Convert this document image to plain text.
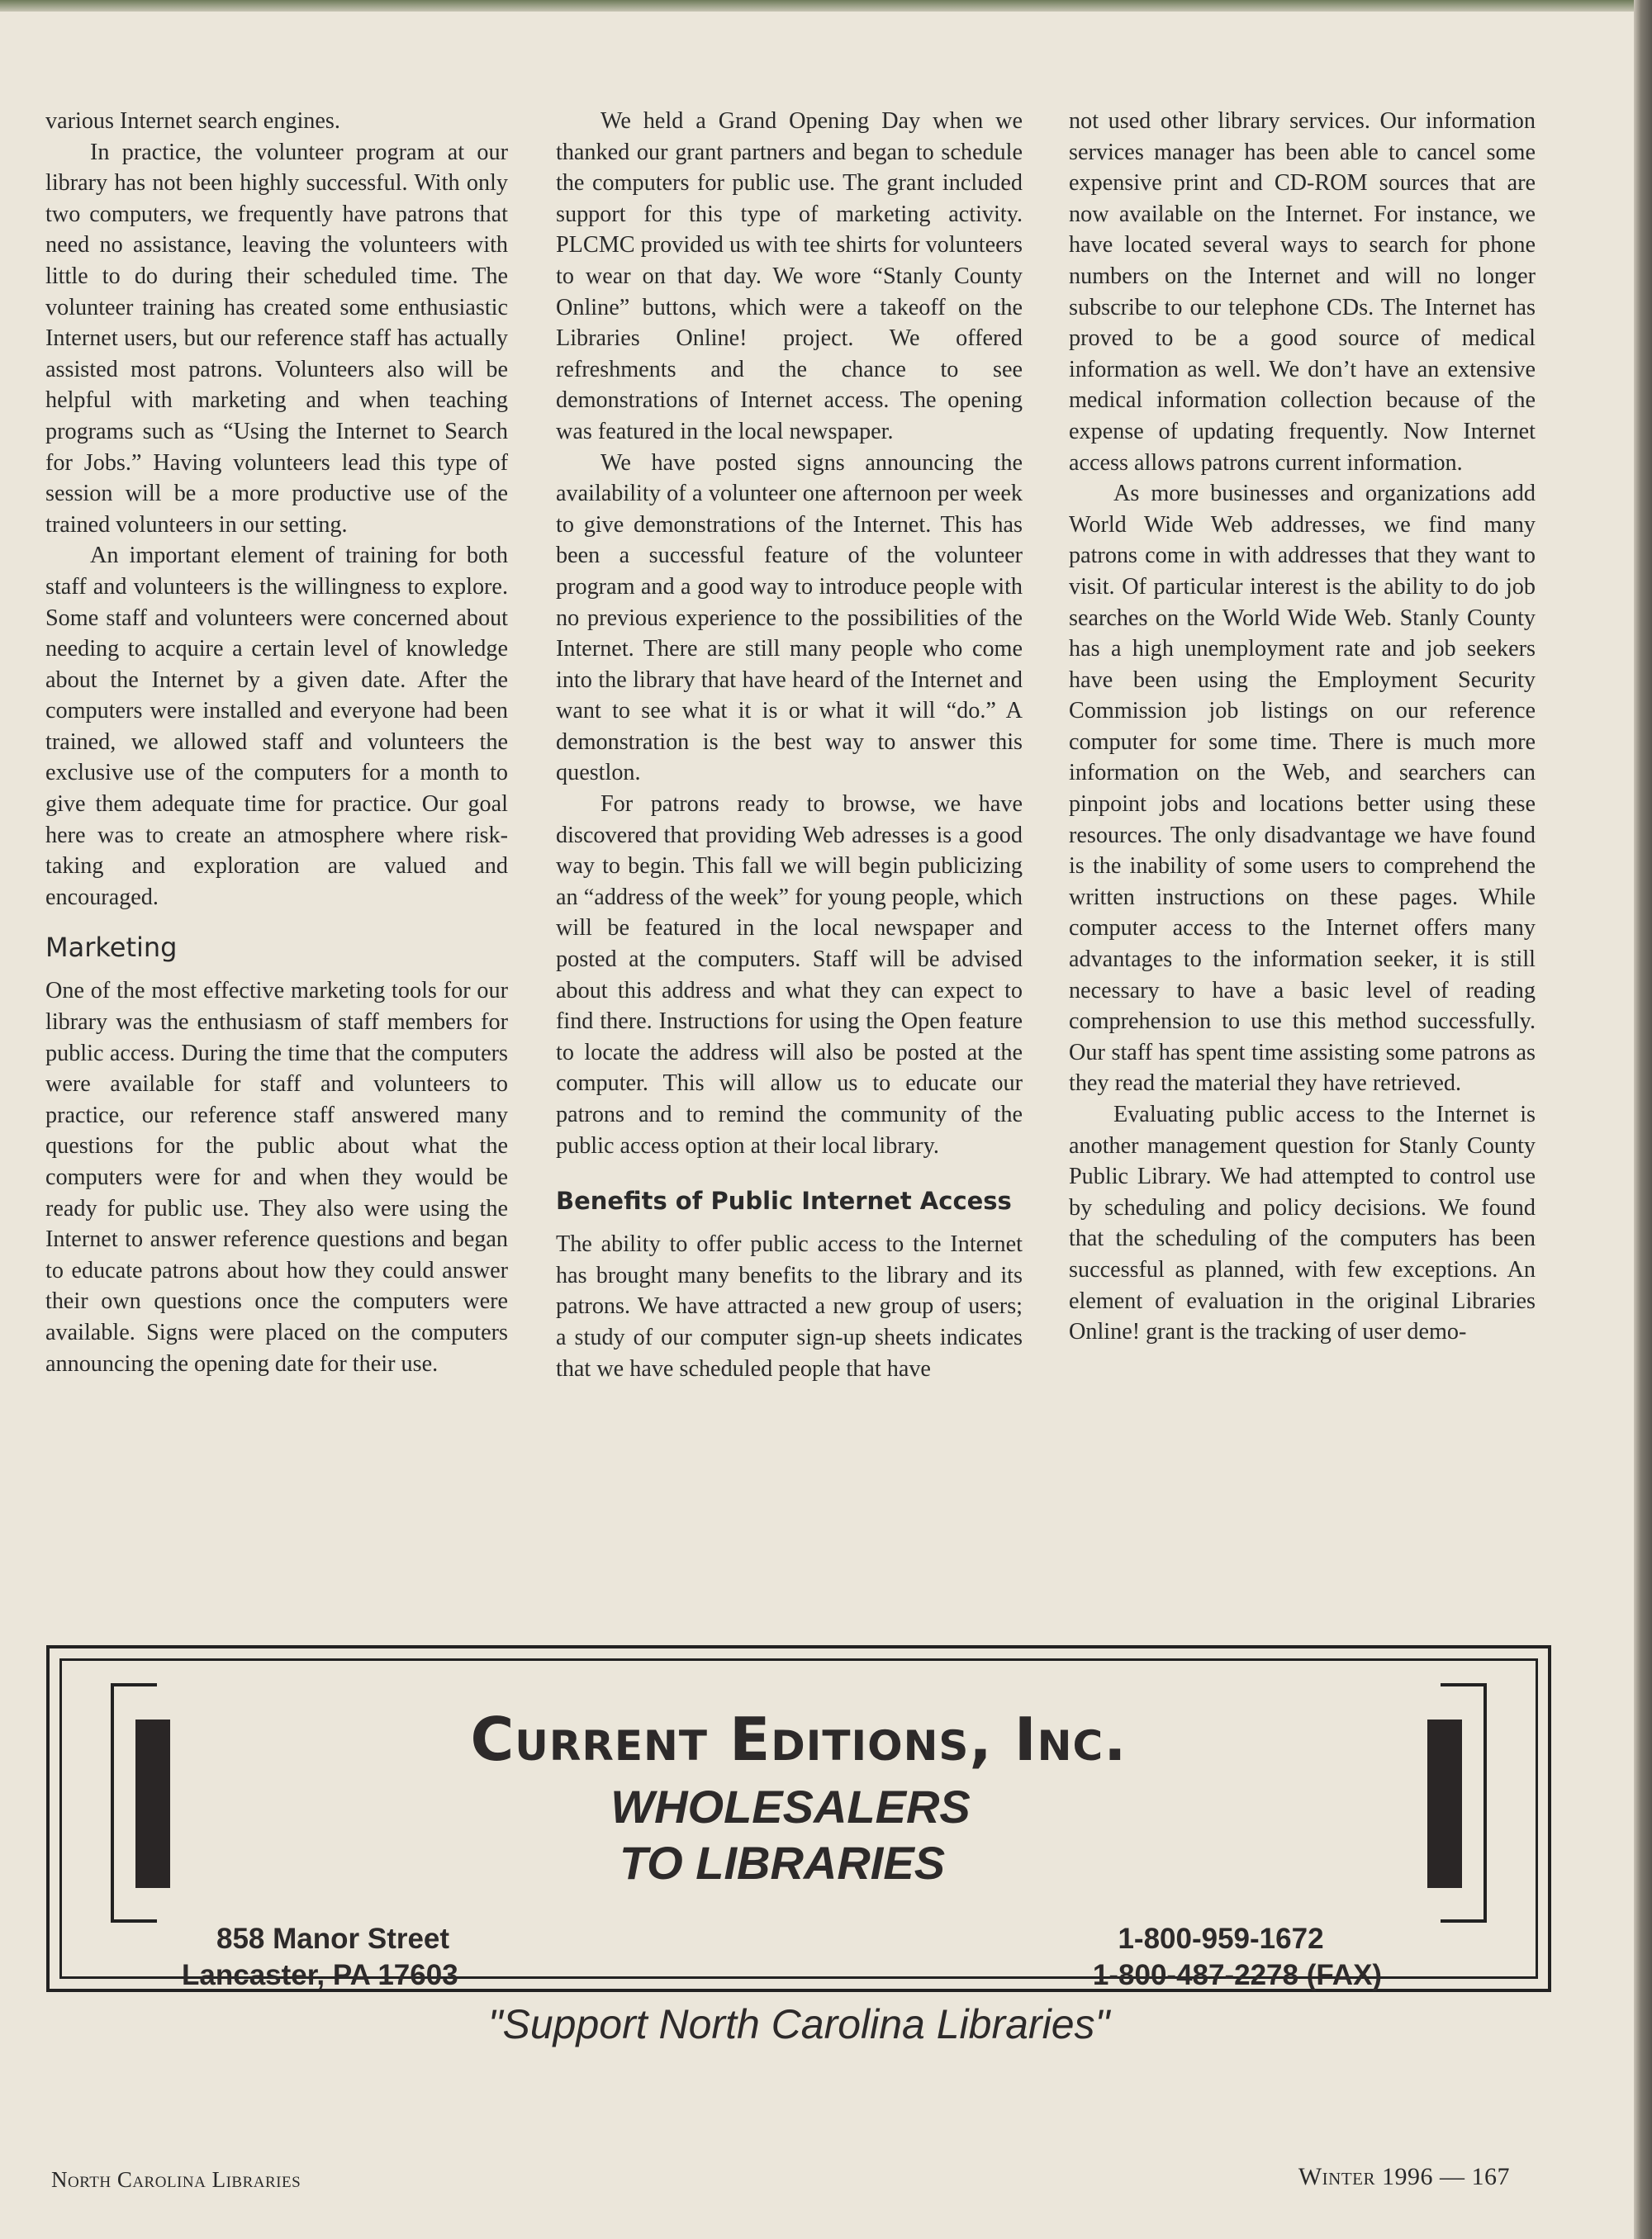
various Internet search engines.

In practice, the volunteer program at our library has not been highly successful. With only two computers, we frequently have patrons that need no assistance, leaving the volunteers with little to do during their scheduled time. The volunteer training has created some enthusiastic Internet users, but our reference staff has actually assisted most patrons. Volunteers also will be helpful with marketing and when teaching programs such as “Using the Internet to Search for Jobs.” Having volunteers lead this type of session will be a more productive use of the trained volunteers in our setting.

An important element of training for both staff and volunteers is the willingness to explore. Some staff and volunteers were concerned about needing to acquire a certain level of knowledge about the Internet by a given date. After the computers were installed and everyone had been trained, we allowed staff and volunteers the exclusive use of the computers for a month to give them adequate time for practice. Our goal here was to create an atmosphere where risk-taking and exploration are valued and encouraged.

Marketing

One of the most effective marketing tools for our library was the enthusiasm of staff members for public access. During the time that the computers were available for staff and volunteers to practice, our reference staff answered many questions for the public about what the computers were for and when they would be ready for public use. They also were using the Internet to answer reference questions and began to educate patrons about how they could answer their own questions once the computers were available. Signs were placed on the computers announcing the opening date for their use.

We held a Grand Opening Day when we thanked our grant partners and began to schedule the computers for public use. The grant included support for this type of marketing activity. PLCMC provided us with tee shirts for volunteers to wear on that day. We wore “Stanly County Online” buttons, which were a takeoff on the Libraries Online! project. We offered refreshments and the chance to see demonstrations of Internet access. The opening was featured in the local newspaper.

We have posted signs announcing the availability of a volunteer one afternoon per week to give demonstrations of the Internet. This has been a successful feature of the volunteer program and a good way to introduce people with no previous experience to the possibilities of the Internet. There are still many people who come into the library that have heard of the Internet and want to see what it is or what it will “do.” A demonstration is the best way to answer this questlon.

For patrons ready to browse, we have discovered that providing Web adresses is a good way to begin. This fall we will begin publicizing an “address of the week” for young people, which will be featured in the local newspaper and posted at the computers. Staff will be advised about this address and what they can expect to find there. Instructions for using the Open feature to locate the address will also be posted at the computer. This will allow us to educate our patrons and to remind the community of the public access option at their local library.

Benefits of Public Internet Access

The ability to offer public access to the Internet has brought many benefits to the library and its patrons. We have attracted a new group of users; a study of our computer sign-up sheets indicates that we have scheduled people that have

not used other library services. Our information services manager has been able to cancel some expensive print and CD-ROM sources that are now available on the Internet. For instance, we have located several ways to search for phone numbers on the Internet and will no longer subscribe to our telephone CDs. The Internet has proved to be a good source of medical information as well. We don’t have an extensive medical information collection because of the expense of updating frequently. Now Internet access allows patrons current information.

As more businesses and organizations add World Wide Web addresses, we find many patrons come in with addresses that they want to visit. Of particular interest is the ability to do job searches on the World Wide Web. Stanly County has a high unemployment rate and job seekers have been using the Employment Security Commission job listings on our reference computer for some time. There is much more information on the Web, and searchers can pinpoint jobs and locations better using these resources. The only disadvantage we have found is the inability of some users to comprehend the written instructions on these pages. While computer access to the Internet offers many advantages to the information seeker, it is still necessary to have a basic level of reading comprehension to use this method successfully. Our staff has spent time assisting some patrons as they read the material they have retrieved.

Evaluating public access to the Internet is another management question for Stanly County Public Library. We had attempted to control use by scheduling and policy decisions. We found that the scheduling of the computers has been successful as planned, with few exceptions. An element of evaluation in the original Libraries Online! grant is the tracking of user demo-

Current Editions, Inc.
WHOLESALERS
TO LIBRARIES
858 Manor Street
Lancaster, PA 17603
1-800-959-1672
1-800-487-2278 (FAX)
"Support North Carolina Libraries"
North Carolina Libraries	Winter 1996 — 167
